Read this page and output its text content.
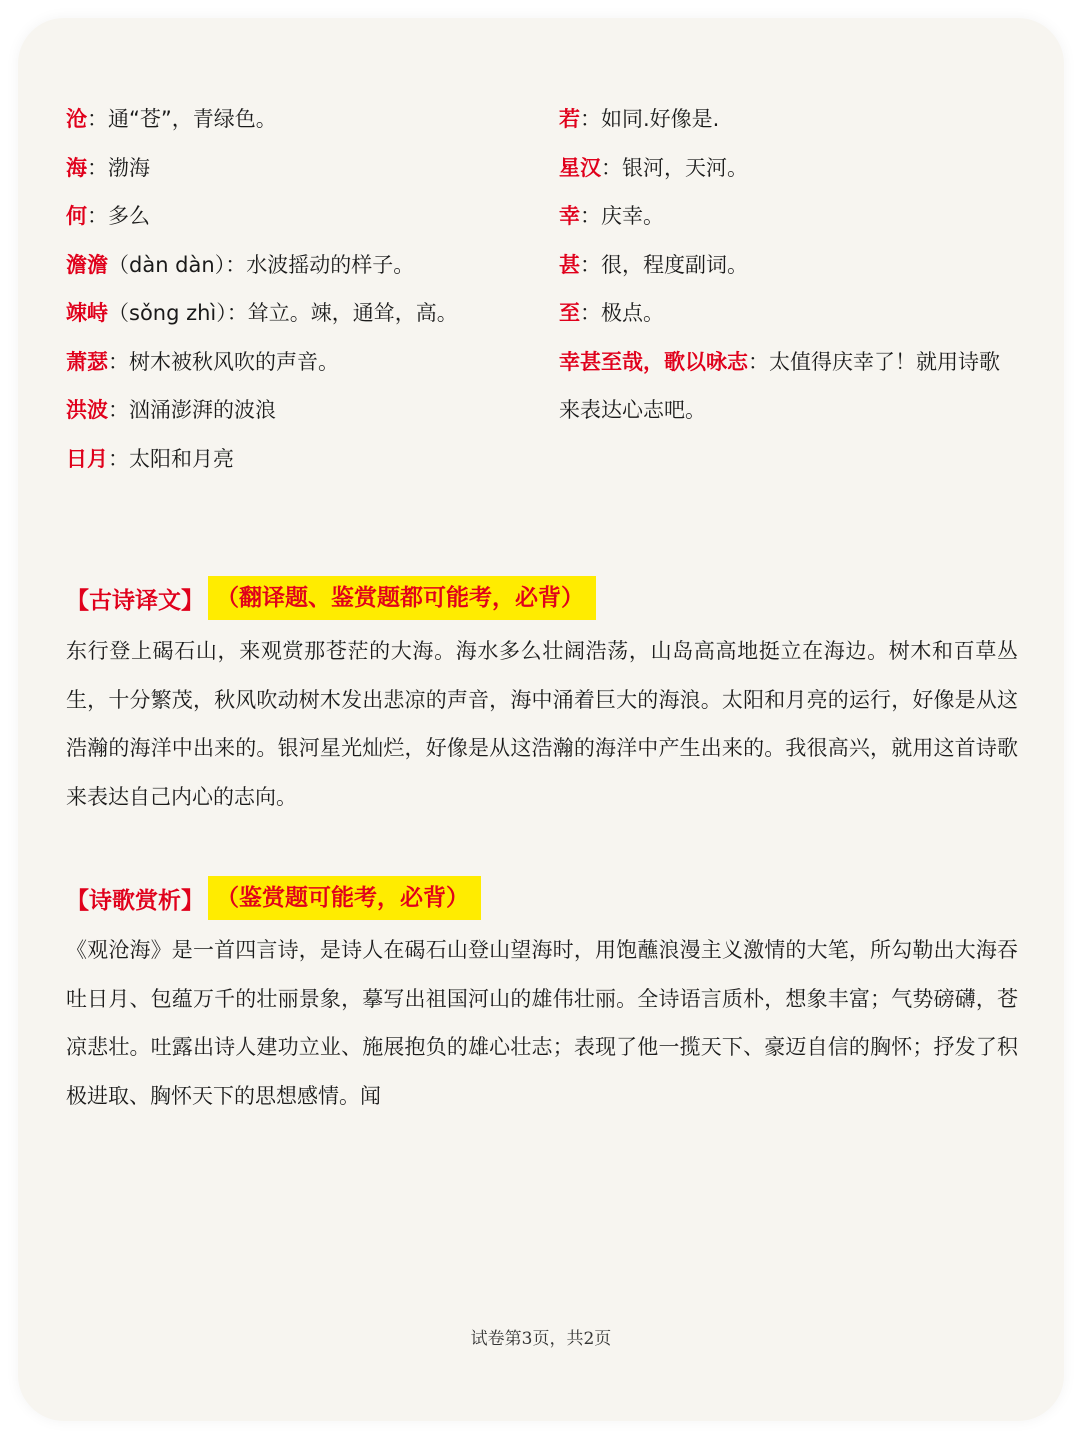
沧：通“苍”，青绿色。
海：渤海
何：多么
澹澹（dàn dàn）：水波摇动的样子。
竦峙（sǒng zhì）：耸立。竦，通耸，高。
萧瑟：树木被秋风吹的声音。
洪波：汹涌澎湃的波浪
日月：太阳和月亮
若：如同.好像是.
星汉：银河，天河。
幸：庆幸。
甚：很，程度副词。
至：极点。
幸甚至哉，歌以咏志：太值得庆幸了！就用诗歌来表达心志吧。
【古诗译文】 （翻译题、鉴赏题都可能考，必背）
东行登上碣石山，来观赏那苍茫的大海。海水多么壮阔浩荡，山岛高高地挺立在海边。树木和百草丛生，十分繁茂，秋风吹动树木发出悲凉的声音，海中涌着巨大的海浪。太阳和月亮的运行，好像是从这浩瀚的海洋中出来的。银河星光灿烂，好像是从这浩瀚的海洋中产生出来的。我很高兴，就用这首诗歌来表达自己内心的志向。
【诗歌赏析】 （鉴赏题可能考，必背）
《观沧海》是一首四言诗，是诗人在碣石山登山望海时，用饱蘸浪漫主义激情的大笔，所勾勒出大海吞吐日月、包蕴万千的壮丽景象，摹写出祖国河山的雄伟壮丽。全诗语言质朴，想象丰富；气势磅礴，苍凉悲壮。吐露出诗人建功立业、施展抱负的雄心壮志；表现了他一揽天下、豪迈自信的胸怀；抒发了积极进取、胸怀天下的思想感情。闻
试卷第3页，共2页
